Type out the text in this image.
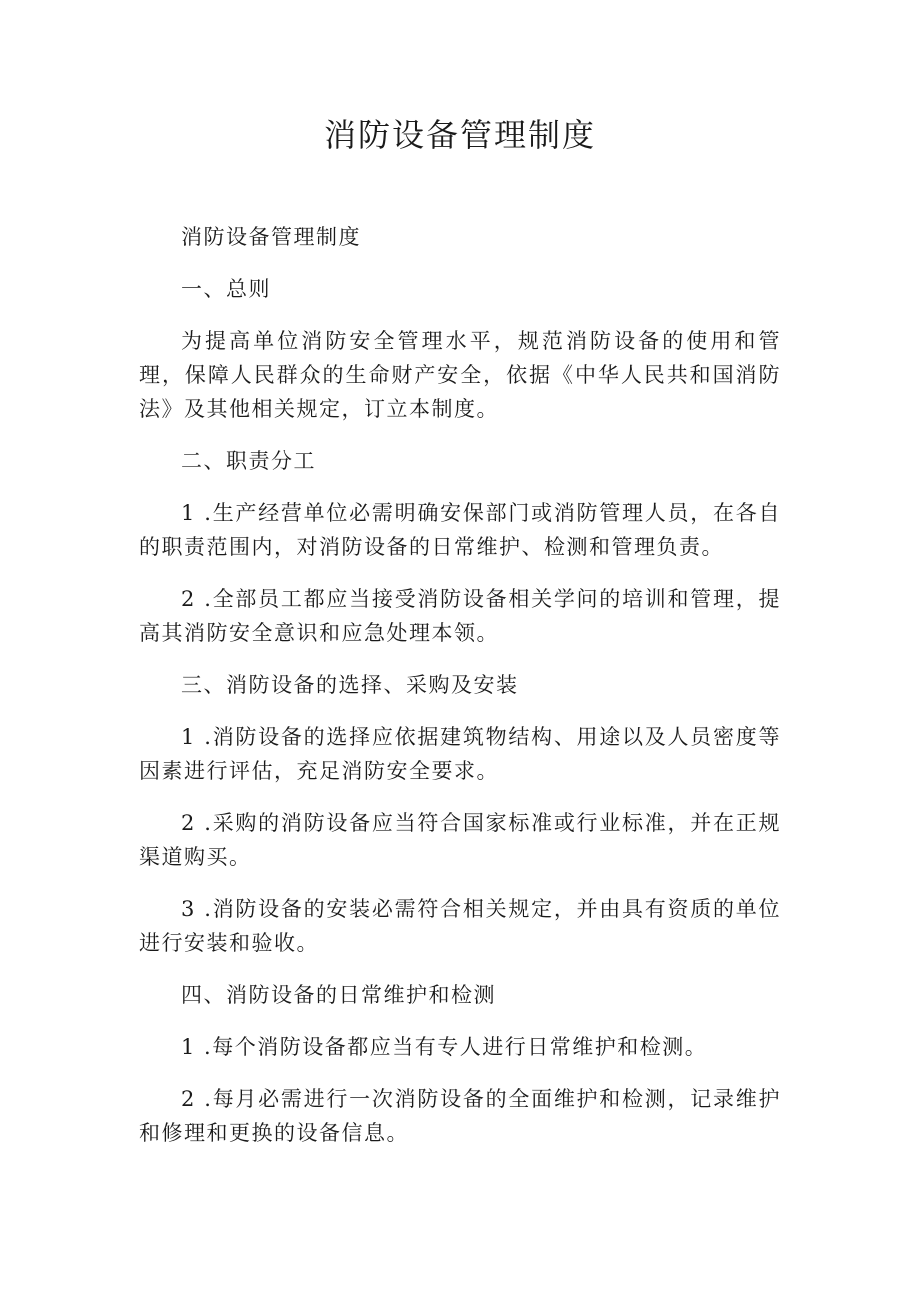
消防设备管理制度

消防设备管理制度

一、总则

为提高单位消防安全管理水平，规范消防设备的使用和管理，保障人民群众的生命财产安全，依据《中华人民共和国消防法》及其他相关规定，订立本制度。

二、职责分工

1 .生产经营单位必需明确安保部门或消防管理人员，在各自的职责范围内，对消防设备的日常维护、检测和管理负责。

2 .全部员工都应当接受消防设备相关学问的培训和管理，提高其消防安全意识和应急处理本领。

三、消防设备的选择、采购及安装

1 .消防设备的选择应依据建筑物结构、用途以及人员密度等因素进行评估，充足消防安全要求。

2 .采购的消防设备应当符合国家标准或行业标准，并在正规渠道购买。

3 .消防设备的安装必需符合相关规定，并由具有资质的单位进行安装和验收。

四、消防设备的日常维护和检测

1 .每个消防设备都应当有专人进行日常维护和检测。

2 .每月必需进行一次消防设备的全面维护和检测，记录维护和修理和更换的设备信息。
